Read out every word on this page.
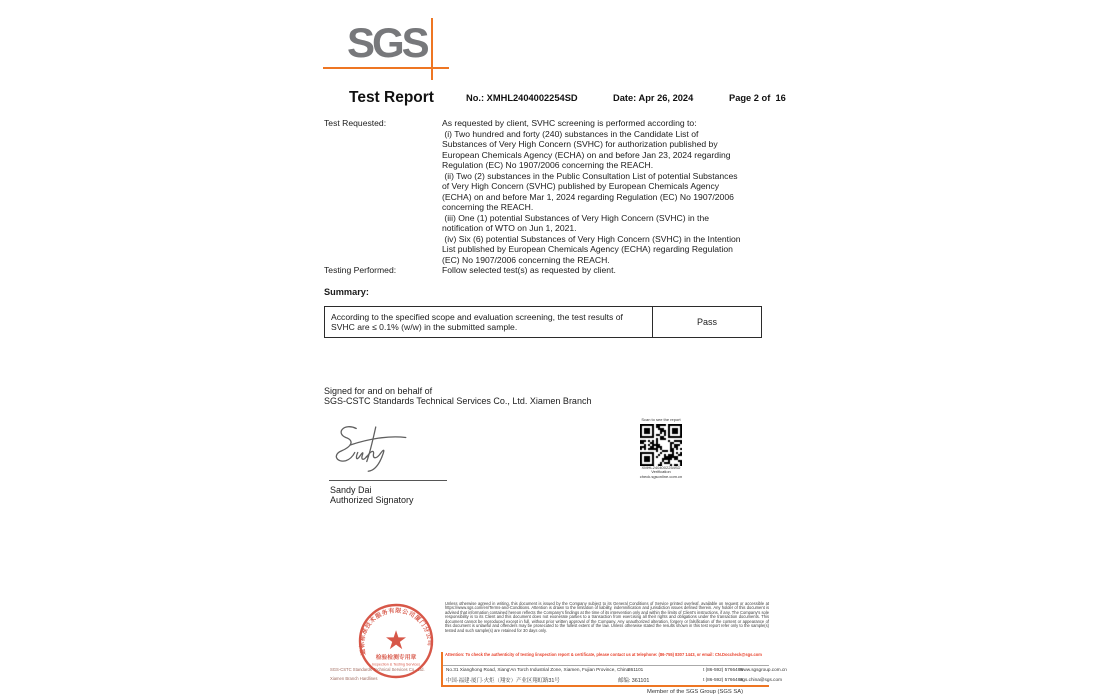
SGS
Test Report	No.: XMHL2404002254SD	Date: Apr 26, 2024	Page 2 of  16
Test Requested:	As requested by client, SVHC screening is performed according to:
(i) Two hundred and forty (240) substances in the Candidate List of
Substances of Very High Concern (SVHC) for authorization published by
European Chemicals Agency (ECHA) on and before Jan 23, 2024 regarding
Regulation (EC) No 1907/2006 concerning the REACH.
(ii) Two (2) substances in the Public Consultation List of potential Substances
of Very High Concern (SVHC) published by European Chemicals Agency
(ECHA) on and before Mar 1, 2024 regarding Regulation (EC) No 1907/2006
concerning the REACH.
(iii) One (1) potential Substances of Very High Concern (SVHC) in the
notification of WTO on Jun 1, 2021.
(iv) Six (6) potential Substances of Very High Concern (SVHC) in the Intention
List published by European Chemicals Agency (ECHA) regarding Regulation
(EC) No 1907/2006 concerning the REACH.
Testing Performed:	Follow selected test(s) as requested by client.
Summary:
According to the specified scope and evaluation screening, the test results of SVHC are ≤ 0.1% (w/w) in the submitted sample.	Pass
Signed for and on behalf of
SGS-CSTC Standards Technical Services Co., Ltd. Xiamen Branch
Sandy Dai
Authorized Signatory
Scan to see the report
XMHL2404002254SD
Verification
check.sgsonline.com.cn
SGS-CSTC Standards Technical Services Co., Ltd.
Xiamen Branch Hardlines
通标标准技术服务有限公司厦门分公司
★
检验检测专用章
Inspection & Testing Services
Unless otherwise agreed in writing, this document is issued by the Company subject to its General Conditions of Service printed overleaf, available on request or accessible at https://www.sgs.com/en/Terms-and-Conditions. Attention is drawn to the limitation of liability, indemnification and jurisdiction issues defined therein. Any holder of this document is advised that information contained hereon reflects the Company's findings at the time of its intervention only and within the limits of Client's instructions, if any. The Company's sole responsibility is to its Client and this document does not exonerate parties to a transaction from exercising all their rights and obligations under the transaction documents. This document cannot be reproduced except in full, without prior written approval of the Company. Any unauthorized alteration, forgery or falsification of the content or appearance of this document is unlawful and offenders may be prosecuted to the fullest extent of the law. Unless otherwise stated the results shown in this test report refer only to the sample(s) tested and such sample(s) are retained for 30 days only.
Attention: To check the authenticity of testing /inspection report & certificate, please contact us at telephone: (86-755) 8307 1443, or email: CN.Doccheck@sgs.com
No.31 Xianghong Road, Xiang'An Torch Industrial Zone, Xiamen, Fujian Province, China
361101	t (86-592) 5766488
www.sgsgroup.com.cn
中国·福建·厦门·火炬（翔安）产业区翔虹路31号	邮编: 361101	t (86-592) 5766488
sgs.china@sgs.com
Member of the SGS Group (SGS SA)
